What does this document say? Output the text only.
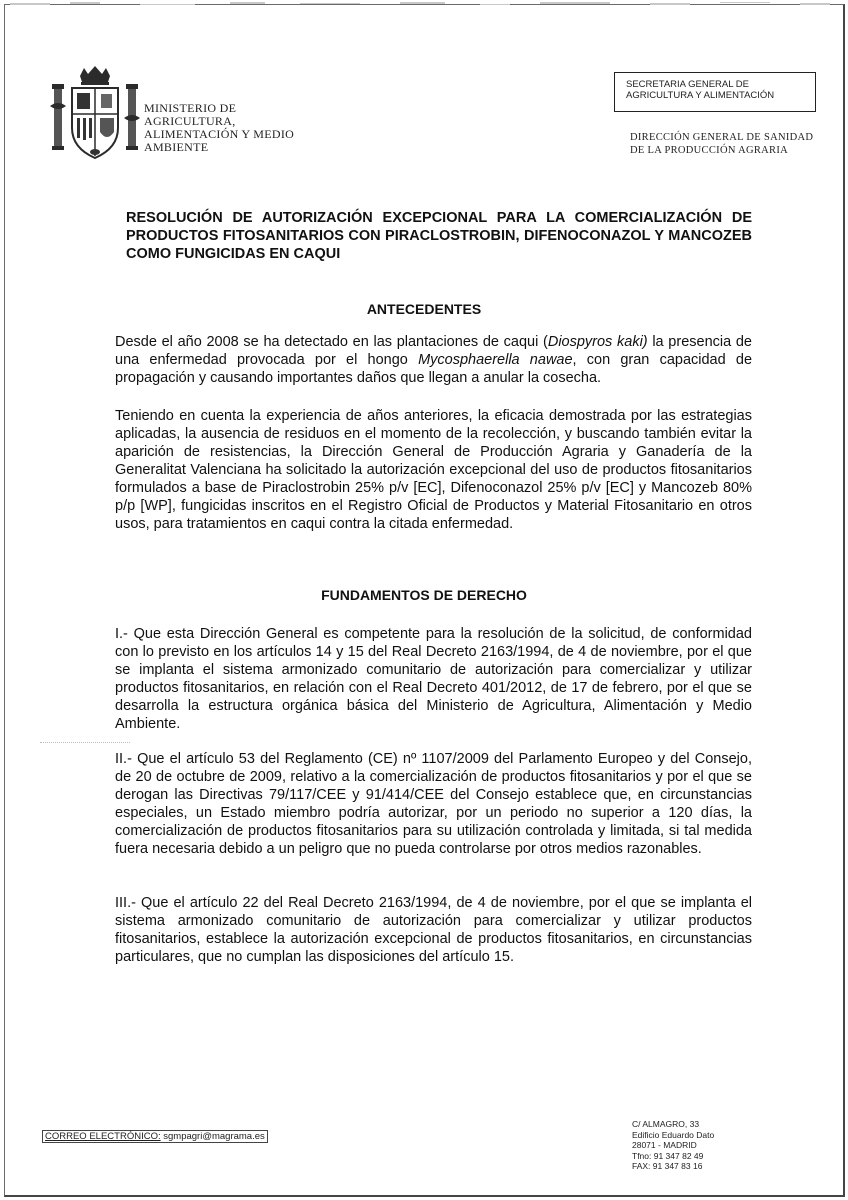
MINISTERIO DE
AGRICULTURA,
ALIMENTACIÓN Y MEDIO
AMBIENTE
SECRETARIA GENERAL DE
AGRICULTURA Y ALIMENTACIÓN
DIRECCIÓN GENERAL DE SANIDAD
DE LA PRODUCCIÓN AGRARIA
RESOLUCIÓN DE AUTORIZACIÓN EXCEPCIONAL PARA LA COMERCIALIZACIÓN DE PRODUCTOS FITOSANITARIOS CON PIRACLOSTROBIN, DIFENOCONAZOL Y MANCOZEB COMO FUNGICIDAS EN CAQUI
ANTECEDENTES
Desde el año 2008 se ha detectado en las plantaciones de caqui (Diospyros kaki) la presencia de una enfermedad provocada por el hongo Mycosphaerella nawae, con gran capacidad de propagación y causando importantes daños que llegan a anular la cosecha.
Teniendo en cuenta la experiencia de años anteriores, la eficacia demostrada por las estrategias aplicadas, la ausencia de residuos en el momento de la recolección, y buscando también evitar la aparición de resistencias, la Dirección General de Producción Agraria y Ganadería de la Generalitat Valenciana ha solicitado la autorización excepcional del uso de productos fitosanitarios formulados a base de Piraclostrobin 25% p/v [EC], Difenoconazol 25% p/v [EC] y Mancozeb 80% p/p [WP], fungicidas inscritos en el Registro Oficial de Productos y Material Fitosanitario en otros usos, para tratamientos en caqui contra la citada enfermedad.
FUNDAMENTOS DE DERECHO
I.- Que esta Dirección General es competente para la resolución de la solicitud, de conformidad con lo previsto en los artículos 14 y 15 del Real Decreto 2163/1994, de 4 de noviembre, por el que se implanta el sistema armonizado comunitario de autorización para comercializar y utilizar productos fitosanitarios, en relación con el Real Decreto 401/2012, de 17 de febrero, por el que se desarrolla la estructura orgánica básica del Ministerio de Agricultura, Alimentación y Medio Ambiente.
II.- Que el artículo 53 del Reglamento (CE) nº 1107/2009 del Parlamento Europeo y del Consejo, de 20 de octubre de 2009, relativo a la comercialización de productos fitosanitarios y por el que se derogan las Directivas 79/117/CEE y 91/414/CEE del Consejo establece que, en circunstancias especiales, un Estado miembro podría autorizar, por un periodo no superior a 120 días, la comercialización de productos fitosanitarios para su utilización controlada y limitada, si tal medida fuera necesaria debido a un peligro que no pueda controlarse por otros medios razonables.
III.- Que el artículo 22 del Real Decreto 2163/1994, de 4 de noviembre, por el que se implanta el sistema armonizado comunitario de autorización para comercializar y utilizar productos fitosanitarios, establece la autorización excepcional de productos fitosanitarios, en circunstancias particulares, que no cumplan las disposiciones del artículo 15.
CORREO ELECTRÓNICO: sgmpagri@magrama.es
C/ ALMAGRO, 33
Edificio Eduardo Dato
28071 - MADRID
Tfno: 91 347 82 49
FAX: 91 347 83 16
